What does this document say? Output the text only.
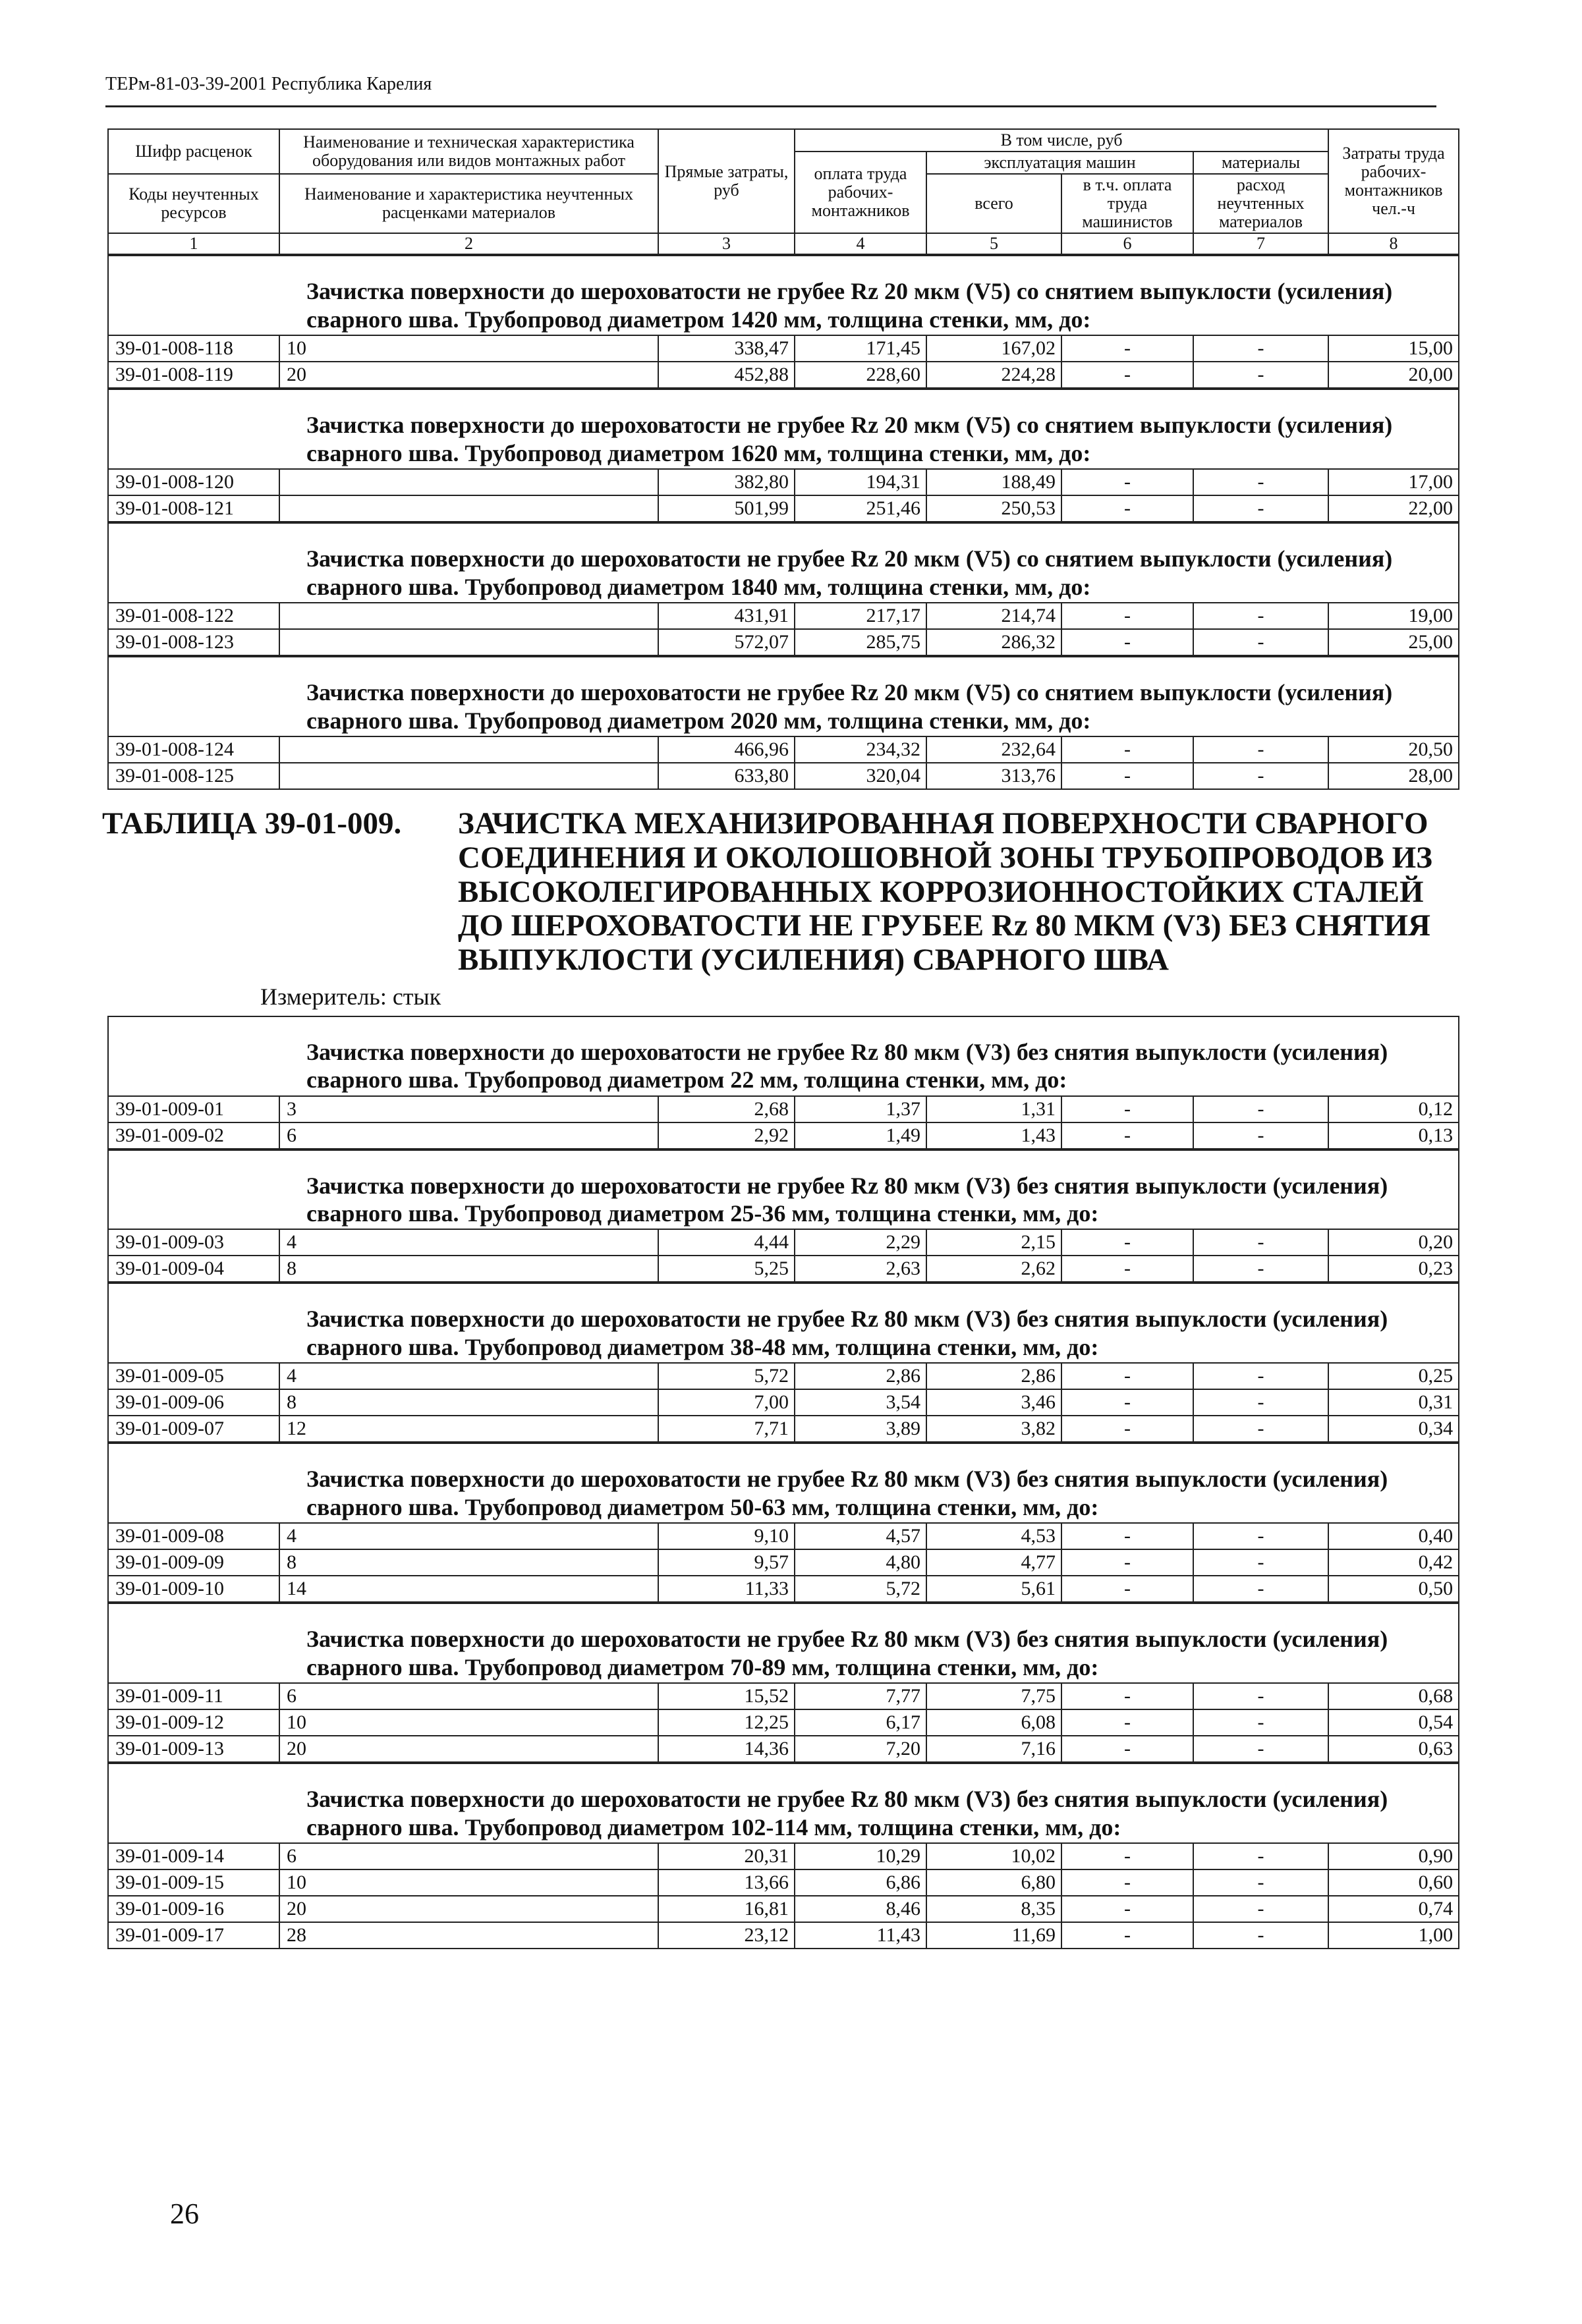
ТЕРм-81-03-39-2001 Республика Карелия
Шифр расценок	Наименование и техническая характеристика оборудования или видов монтажных работ	Прямые затраты, руб	В том числе, руб				Затраты труда рабочих-монтажников чел.-ч
			оплата труда рабочих-монтажников	эксплуатация машин		материалы	
				всего	в т.ч. оплата труда машинистов	расход неучтенных материалов	
Коды неучтенных ресурсов	Наименование и характеристика неучтенных расценками материалов						

1	2	3	4	5	6	7	8
Зачистка поверхности до шероховатости не грубее Rz 20 мкм (V5) со снятием выпуклости (усиления) сварного шва. Трубопровод диаметром 1420 мм, толщина стенки, мм, до:							
39-01-008-118	10	338,47	171,45	167,02	-	-	15,00
39-01-008-119	20	452,88	228,60	224,28	-	-	20,00
Зачистка поверхности до шероховатости не грубее Rz 20 мкм (V5) со снятием выпуклости (усиления) сварного шва. Трубопровод диаметром 1620 мм, толщина стенки, мм, до:							
39-01-008-120		382,80	194,31	188,49	-	-	17,00
39-01-008-121		501,99	251,46	250,53	-	-	22,00
Зачистка поверхности до шероховатости не грубее Rz 20 мкм (V5) со снятием выпуклости (усиления) сварного шва. Трубопровод диаметром 1840 мм, толщина стенки, мм, до:							
39-01-008-122		431,91	217,17	214,74	-	-	19,00
39-01-008-123		572,07	285,75	286,32	-	-	25,00
Зачистка поверхности до шероховатости не грубее Rz 20 мкм (V5) со снятием выпуклости (усиления) сварного шва. Трубопровод диаметром 2020 мм, толщина стенки, мм, до:							
39-01-008-124		466,96	234,32	232,64	-	-	20,50
39-01-008-125		633,80	320,04	313,76	-	-	28,00
ТАБЛИЦА 39-01-009. ЗАЧИСТКА МЕХАНИЗИРОВАННАЯ ПОВЕРХНОСТИ СВАРНОГО СОЕДИНЕНИЯ И ОКОЛОШОВНОЙ ЗОНЫ ТРУБОПРОВОДОВ ИЗ ВЫСОКОЛЕГИРОВАННЫХ КОРРОЗИОННОСТОЙКИХ СТАЛЕЙ ДО ШЕРОХОВАТОСТИ НЕ ГРУБЕЕ Rz 80 МКМ (V3) БЕЗ СНЯТИЯ ВЫПУКЛОСТИ (УСИЛЕНИЯ) СВАРНОГО ШВА
Измеритель: стык
Зачистка поверхности до шероховатости не грубее Rz 80 мкм (V3) без снятия выпуклости (усиления) сварного шва. Трубопровод диаметром 22 мм, толщина стенки, мм, до:							
39-01-009-01	3	2,68	1,37	1,31	-	-	0,12
39-01-009-02	6	2,92	1,49	1,43	-	-	0,13
Зачистка поверхности до шероховатости не грубее Rz 80 мкм (V3) без снятия выпуклости (усиления) сварного шва. Трубопровод диаметром 25-36 мм, толщина стенки, мм, до:							
39-01-009-03	4	4,44	2,29	2,15	-	-	0,20
39-01-009-04	8	5,25	2,63	2,62	-	-	0,23
Зачистка поверхности до шероховатости не грубее Rz 80 мкм (V3) без снятия выпуклости (усиления) сварного шва. Трубопровод диаметром 38-48 мм, толщина стенки, мм, до:							
39-01-009-05	4	5,72	2,86	2,86	-	-	0,25
39-01-009-06	8	7,00	3,54	3,46	-	-	0,31
39-01-009-07	12	7,71	3,89	3,82	-	-	0,34
Зачистка поверхности до шероховатости не грубее Rz 80 мкм (V3) без снятия выпуклости (усиления) сварного шва. Трубопровод диаметром 50-63 мм, толщина стенки, мм, до:							
39-01-009-08	4	9,10	4,57	4,53	-	-	0,40
39-01-009-09	8	9,57	4,80	4,77	-	-	0,42
39-01-009-10	14	11,33	5,72	5,61	-	-	0,50
Зачистка поверхности до шероховатости не грубее Rz 80 мкм (V3) без снятия выпуклости (усиления) сварного шва. Трубопровод диаметром 70-89 мм, толщина стенки, мм, до:							
39-01-009-11	6	15,52	7,77	7,75	-	-	0,68
39-01-009-12	10	12,25	6,17	6,08	-	-	0,54
39-01-009-13	20	14,36	7,20	7,16	-	-	0,63
Зачистка поверхности до шероховатости не грубее Rz 80 мкм (V3) без снятия выпуклости (усиления) сварного шва. Трубопровод диаметром 102-114 мм, толщина стенки, мм, до:							
39-01-009-14	6	20,31	10,29	10,02	-	-	0,90
39-01-009-15	10	13,66	6,86	6,80	-	-	0,60
39-01-009-16	20	16,81	8,46	8,35	-	-	0,74
39-01-009-17	28	23,12	11,43	11,69	-	-	1,00
26
